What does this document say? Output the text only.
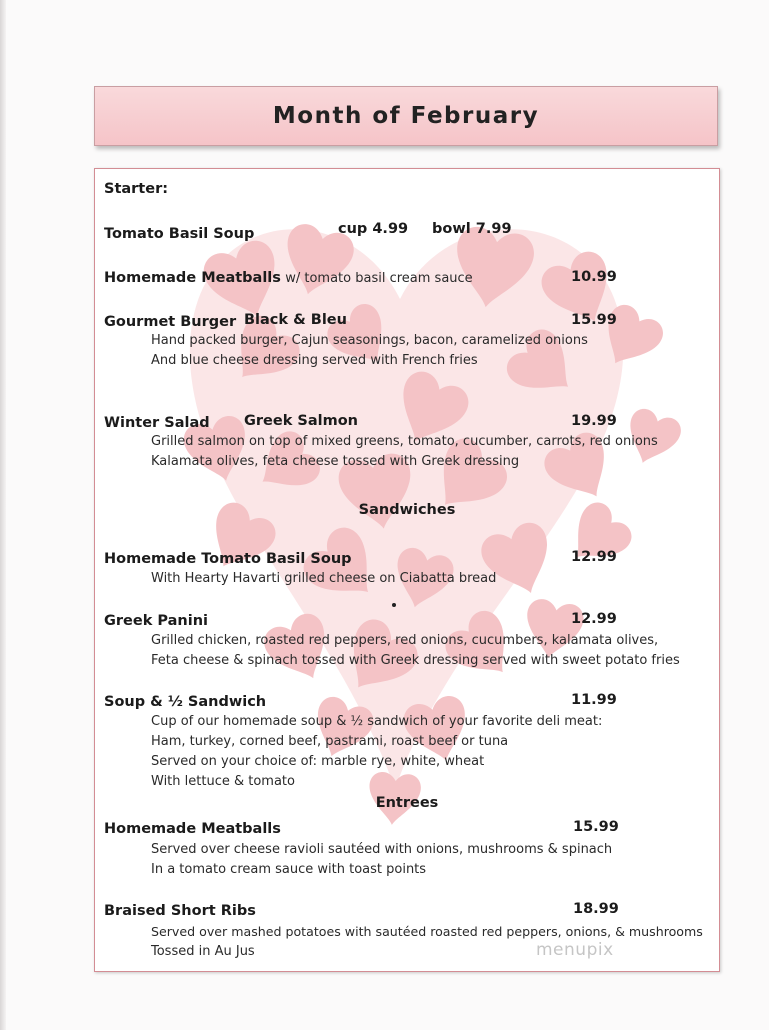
Month of February
Starter:
Tomato Basil Soup	cup 4.99 bowl 7.99
Homemade Meatballs w/ tomato basil cream sauce	10.99
Gourmet Burger Black & Bleu	15.99
Hand packed burger, Cajun seasonings, bacon, caramelized onions
And blue cheese dressing served with French fries
Winter Salad Greek Salmon	19.99
Grilled salmon on top of mixed greens, tomato, cucumber, carrots, red onions
Kalamata olives, feta cheese tossed with Greek dressing
Sandwiches
Homemade Tomato Basil Soup	12.99
With Hearty Havarti grilled cheese on Ciabatta bread
Greek Panini	12.99
Grilled chicken, roasted red peppers, red onions, cucumbers, kalamata olives,
Feta cheese & spinach tossed with Greek dressing served with sweet potato fries
Soup & ½ Sandwich	11.99
Cup of our homemade soup & ½ sandwich of your favorite deli meat:
Ham, turkey, corned beef, pastrami, roast beef or tuna
Served on your choice of: marble rye, white, wheat
With lettuce & tomato
Entrees
Homemade Meatballs	15.99
Served over cheese ravioli sautéed with onions, mushrooms & spinach
In a tomato cream sauce with toast points
Braised Short Ribs	18.99
Served over mashed potatoes with sautéed roasted red peppers, onions, & mushrooms
Tossed in Au Jus	menupix
